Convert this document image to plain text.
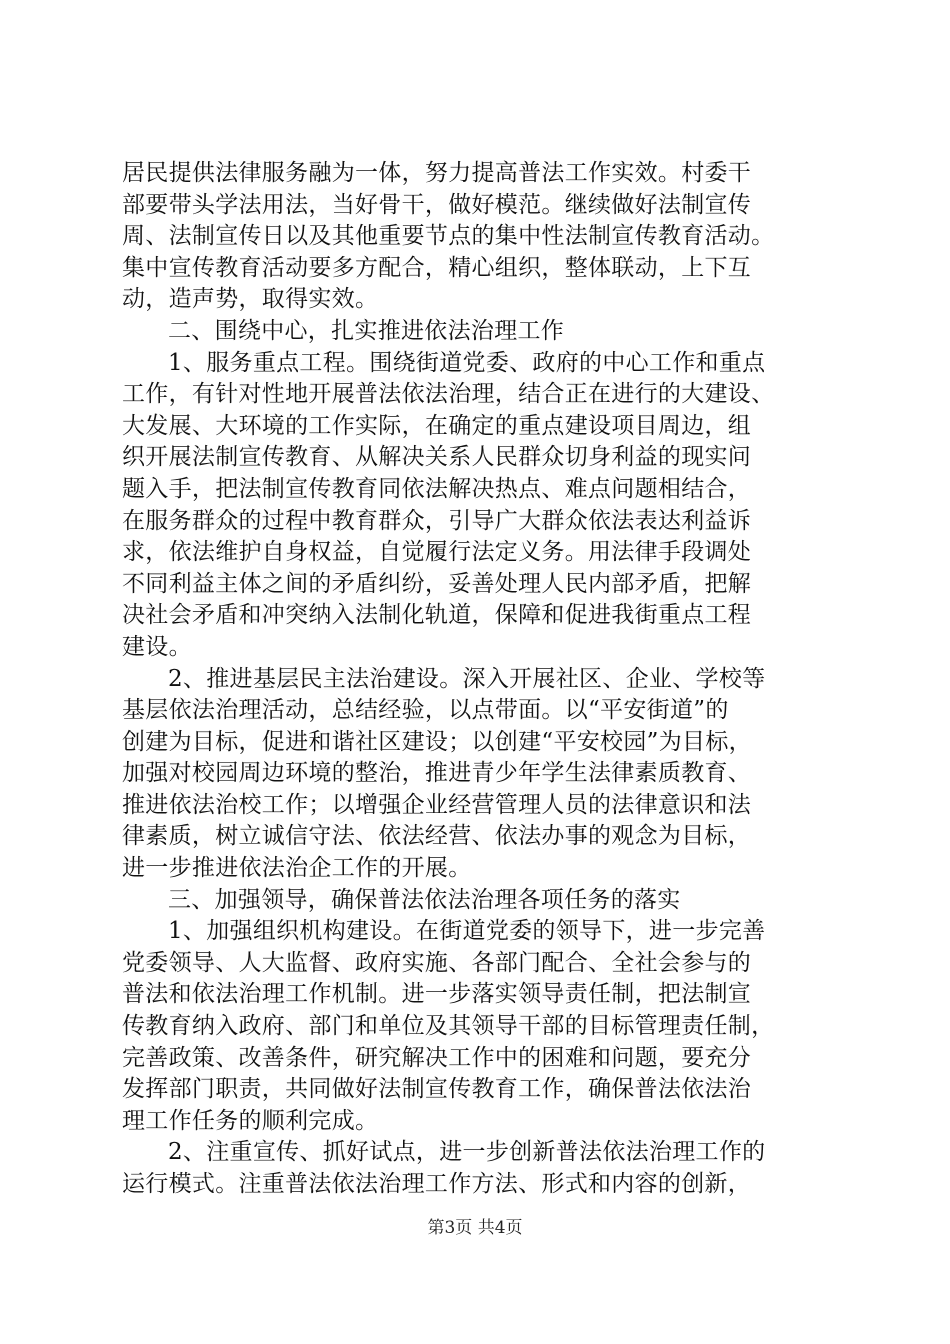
居民提供法律服务融为一体，努力提高普法工作实效。村委干
部要带头学法用法，当好骨干，做好模范。继续做好法制宣传
周、法制宣传日以及其他重要节点的集中性法制宣传教育活动。
集中宣传教育活动要多方配合，精心组织，整体联动，上下互
动，造声势，取得实效。
二、围绕中心，扎实推进依法治理工作
1、服务重点工程。围绕街道党委、政府的中心工作和重点
工作，有针对性地开展普法依法治理，结合正在进行的大建设、
大发展、大环境的工作实际，在确定的重点建设项目周边，组
织开展法制宣传教育、从解决关系人民群众切身利益的现实问
题入手，把法制宣传教育同依法解决热点、难点问题相结合，
在服务群众的过程中教育群众，引导广大群众依法表达利益诉
求，依法维护自身权益，自觉履行法定义务。用法律手段调处
不同利益主体之间的矛盾纠纷，妥善处理人民内部矛盾，把解
决社会矛盾和冲突纳入法制化轨道，保障和促进我街重点工程
建设。
2、推进基层民主法治建设。深入开展社区、企业、学校等
基层依法治理活动，总结经验，以点带面。以“平安街道”的
创建为目标，促进和谐社区建设；以创建“平安校园”为目标，
加强对校园周边环境的整治，推进青少年学生法律素质教育、
推进依法治校工作；以增强企业经营管理人员的法律意识和法
律素质，树立诚信守法、依法经营、依法办事的观念为目标，
进一步推进依法治企工作的开展。
三、加强领导，确保普法依法治理各项任务的落实
1、加强组织机构建设。在街道党委的领导下，进一步完善
党委领导、人大监督、政府实施、各部门配合、全社会参与的
普法和依法治理工作机制。进一步落实领导责任制，把法制宣
传教育纳入政府、部门和单位及其领导干部的目标管理责任制，
完善政策、改善条件，研究解决工作中的困难和问题，要充分
发挥部门职责，共同做好法制宣传教育工作，确保普法依法治
理工作任务的顺利完成。
2、注重宣传、抓好试点，进一步创新普法依法治理工作的
运行模式。注重普法依法治理工作方法、形式和内容的创新，
第3页 共4页
